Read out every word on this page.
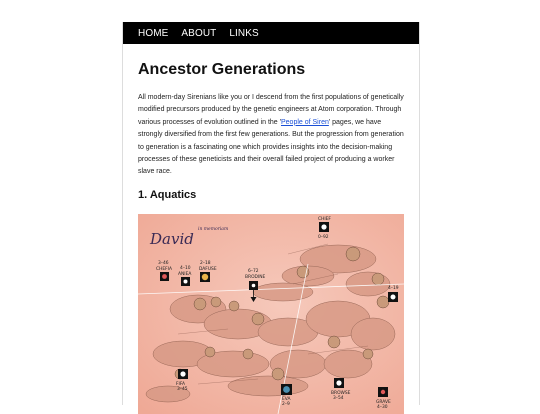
HOME ABOUT LINKS
Ancestor Generations

All modern-day Sirenians like you or I descend from the first populations of genetically modified precursors produced by the genetic engineers at Atom corporation. Through various processes of evolution outlined in the 'People of Siren' pages, we have strongly diversified from the first few generations. But the progression from generation to generation is a fascinating one which provides insights into the decision-making processes of these geneticists and their overall failed project of producing a worker slave race.

1. Aquatics
David
in memoriam
CHIEF
0–92
3–46
CHEFIA 4–10
ANIEA
2–18
DAFUSE	6–72
BRODINE
4–19
FIFA
3–45
EVA
2–9
BROWSE
3–54
GRAVE
4–30
